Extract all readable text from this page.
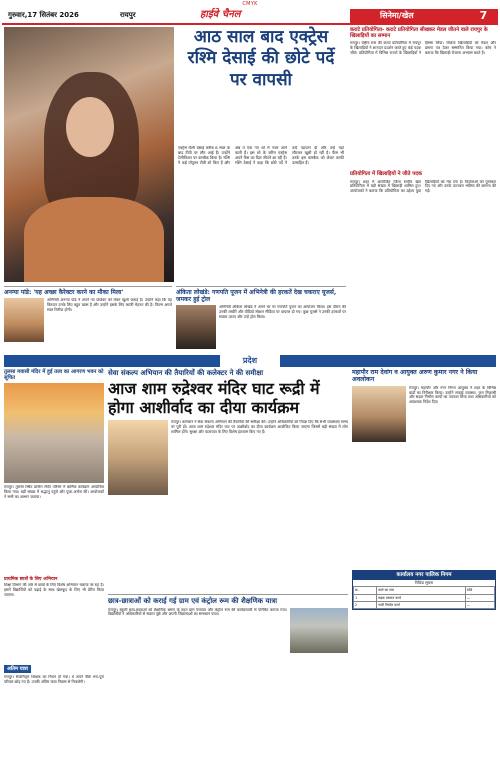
CMYK
गुरुवार,17 सितंबर 2026	रायपुर	हाईवे चैनल	सिनेमा/खेल	7
आठ साल बाद एक्ट्रेस रश्मि देसाई की छोटे पर्दे पर वापसी
एक्ट्रेस रश्मि देसाई करीब 8 साल के बाद टीवी पर लौट आई हैं। उन्होंने टेलीविजन पर कमबैक किया है। रश्मि ने कई पॉपुलर टीवी शो किए हैं और अब वे एक नए शो में नजर आने वाली हैं। इस शो के जरिए एक्ट्रेस अपने फैंस का दिल जीतने आ रही हैं। रश्मि देसाई ने कहा कि छोटे पर्दे ने उन्हें पहचान दी और उन्हें यहां लौटकर खुशी हो रही है। फैंस भी उनके इस कमबैक को लेकर काफी उत्साहित हैं।
कराटे प्रतियोगिता- कराटे प्रतियोगिता सीखकर मेडल जीतने वाले रायपुर के खिलाड़ियों का सम्मान
रायपुर। राष्ट्रीय स्तर की कराटे प्रतियोगिता में रायपुर के खिलाड़ियों ने शानदार प्रदर्शन करते हुए कई पदक जीते। प्रतियोगिता में विभिन्न राज्यों के खिलाड़ियों ने हिस्सा लिया। विजेता खिलाड़ियों को मेडल और प्रमाण पत्र देकर सम्मानित किया गया। कोच ने बताया कि खिलाड़ी रोजाना अभ्यास करते हैं।
प्रतियोगिता में खिलाड़ियों ने जीते पदक
रायपुर। शहर में आयोजित जिला स्तरीय खेल प्रतियोगिता में बड़ी संख्या में खिलाड़ी शामिल हुए। आयोजकों ने बताया कि प्रतियोगिता का उद्देश्य युवा खिलाड़ियों को मंच देना है। विजेताओं को पुरस्कार दिए गए और उनके उज्ज्वल भविष्य की कामना की गई।
अनन्या पांडे: 'यह अच्छा कैरेक्टर करने का मौका मिला'
अभिनेत्री अनन्या पांडे ने अपने नए प्रोजेक्ट को लेकर खुशी जताई है। उन्होंने कहा कि यह किरदार उनके लिए बहुत खास है और उन्होंने इसके लिए काफी मेहनत की है। फिल्म अगले साल रिलीज होगी।
अंकिता लोखंडे: गणपति पूजन में अभिनेत्री की हरकतें देख चकराए यूजर्स, जमकर हुई ट्रोल
अभिनेत्री अंकिता लोखंडे ने अपने घर पर गणपति पूजन का आयोजन किया। इस दौरान की उनकी तस्वीरें और वीडियो सोशल मीडिया पर वायरल हो गए। कुछ यूजर्स ने उनकी हरकतों पर सवाल उठाए और उन्हें ट्रोल किया।
प्रदेश
तुलसा मवासी मंदिर में हुई तला का आगरण भवन को सूचित
रायपुर। तुलसा स्थित प्राचीन मंदिर परिसर में धार्मिक कार्यक्रम आयोजित किया गया। बड़ी संख्या में श्रद्धालु पहुंचे और पूजा-अर्चना की। आयोजकों ने सभी का आभार जताया।
प्राथमिक छात्रों के लिए अभियान
शिक्षा विभाग की ओर से छात्रों के लिए विशेष अभियान चलाया जा रहा है। इसमें विद्यार्थियों को पढ़ाई के साथ खेलकूद के लिए भी प्रेरित किया जाएगा।
अतिम यात्रा
रायपुर। सेवानिवृत्त शिक्षक का निधन हो गया। वे अपने पीछे भरा-पूरा परिवार छोड़ गए हैं। उनकी अंतिम यात्रा निवास से निकलेगी।
सेवा संकल्प अभियान की तैयारियों की कलेक्टर ने की समीक्षा
आज शाम रुद्रेश्वर मंदिर घाट रूद्री में होगा आशीर्वाद का दीया कार्यक्रम
रायपुर। कलेक्टर ने सेवा संकल्प अभियान की तैयारियों की समीक्षा की। उन्होंने अधिकारियों को निर्देश दिए कि सभी व्यवस्थाएं समय पर पूरी हों। आज शाम रुद्रेश्वर मंदिर घाट पर आशीर्वाद का दीया कार्यक्रम आयोजित किया जाएगा जिसमें बड़ी संख्या में लोग शामिल होंगे। सुरक्षा और यातायात के लिए विशेष इंतजाम किए गए हैं।
छात्र-छात्राओं को कराई गई ग्राम एवं कंट्रोल रूम की शैक्षणिक यात्रा
रायपुर। स्कूली छात्र-छात्राओं को शैक्षणिक भ्रमण के तहत ग्राम पंचायत और कंट्रोल रूम की कार्यप्रणाली से परिचित कराया गया। विद्यार्थियों ने अधिकारियों से सवाल पूछे और अपनी जिज्ञासाओं का समाधान पाया।
महापौर राम देवांग व आयुक्त अरुण कुमार नगर ने किया अवलोकन
रायपुर। महापौर और नगर निगम आयुक्त ने शहर के विभिन्न वार्डों का निरीक्षण किया। उन्होंने सफाई व्यवस्था, जल निकासी और सड़क निर्माण कार्यों का जायजा लिया तथा अधिकारियों को आवश्यक निर्देश दिए।
कार्यालय नगर पालिक निगम
निविदा सूचना
क्र.	कार्य का नाम	राशि
1	सड़क मरम्मत कार्य	—
2	नाली निर्माण कार्य	—
